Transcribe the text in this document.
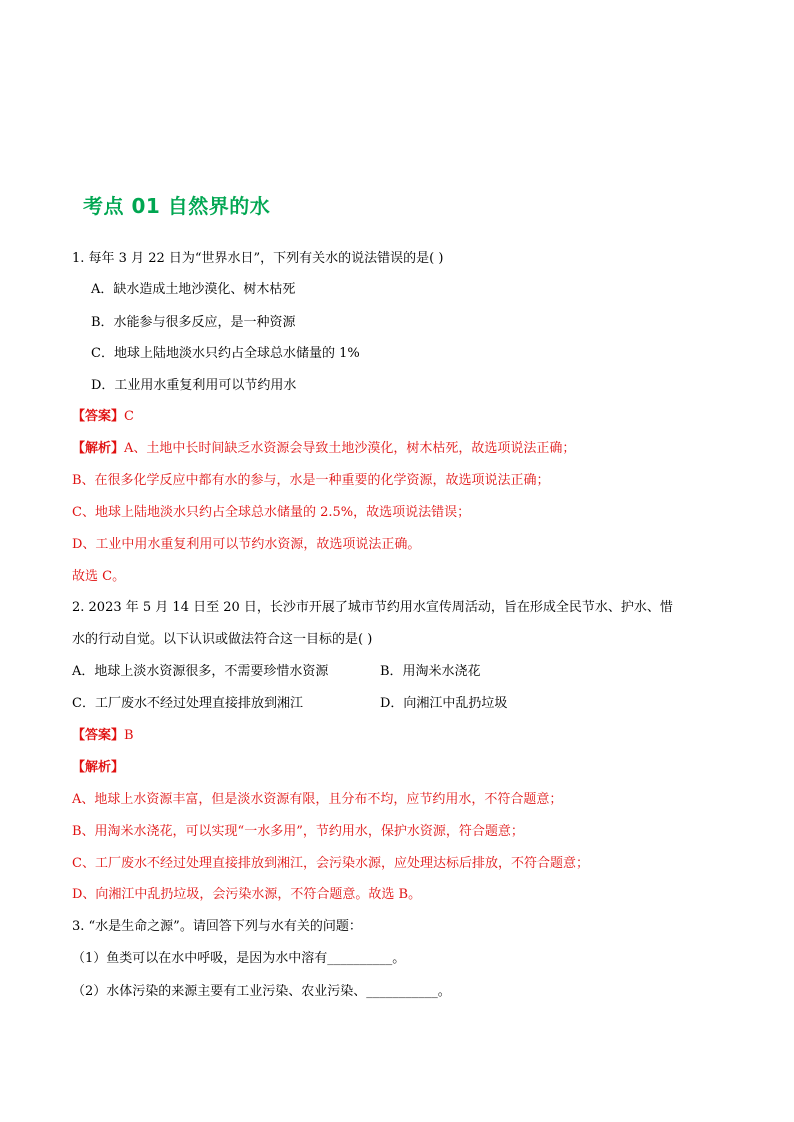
考点 01 自然界的水
1. 每年 3 月 22 日为“世界水日”，下列有关水的说法错误的是( )
A．缺水造成土地沙漠化、树木枯死
B．水能参与很多反应，是一种资源
C．地球上陆地淡水只约占全球总水储量的 1%
D．工业用水重复利用可以节约用水
【答案】C
【解析】A、土地中长时间缺乏水资源会导致土地沙漠化，树木枯死，故选项说法正确；
B、在很多化学反应中都有水的参与，水是一种重要的化学资源，故选项说法正确；
C、地球上陆地淡水只约占全球总水储量的 2.5%，故选项说法错误；
D、工业中用水重复利用可以节约水资源，故选项说法正确。
故选 C。
2. 2023 年 5 月 14 日至 20 日，长沙市开展了城市节约用水宣传周活动，旨在形成全民节水、护水、惜
水的行动自觉。以下认识或做法符合这一目标的是( )
A．地球上淡水资源很多，不需要珍惜水资源	B．用淘米水浇花
C．工厂废水不经过处理直接排放到湘江	D．向湘江中乱扔垃圾
【答案】B
【解析】
A、地球上水资源丰富，但是淡水资源有限，且分布不均，应节约用水，不符合题意；
B、用淘米水浇花，可以实现“一水多用”，节约用水，保护水资源，符合题意；
C、工厂废水不经过处理直接排放到湘江，会污染水源，应处理达标后排放，不符合题意；
D、向湘江中乱扔垃圾，会污染水源，不符合题意。故选 B。
3. “水是生命之源”。请回答下列与水有关的问题：
（1）鱼类可以在水中呼吸，是因为水中溶有__________。
（2）水体污染的来源主要有工业污染、农业污染、___________。
